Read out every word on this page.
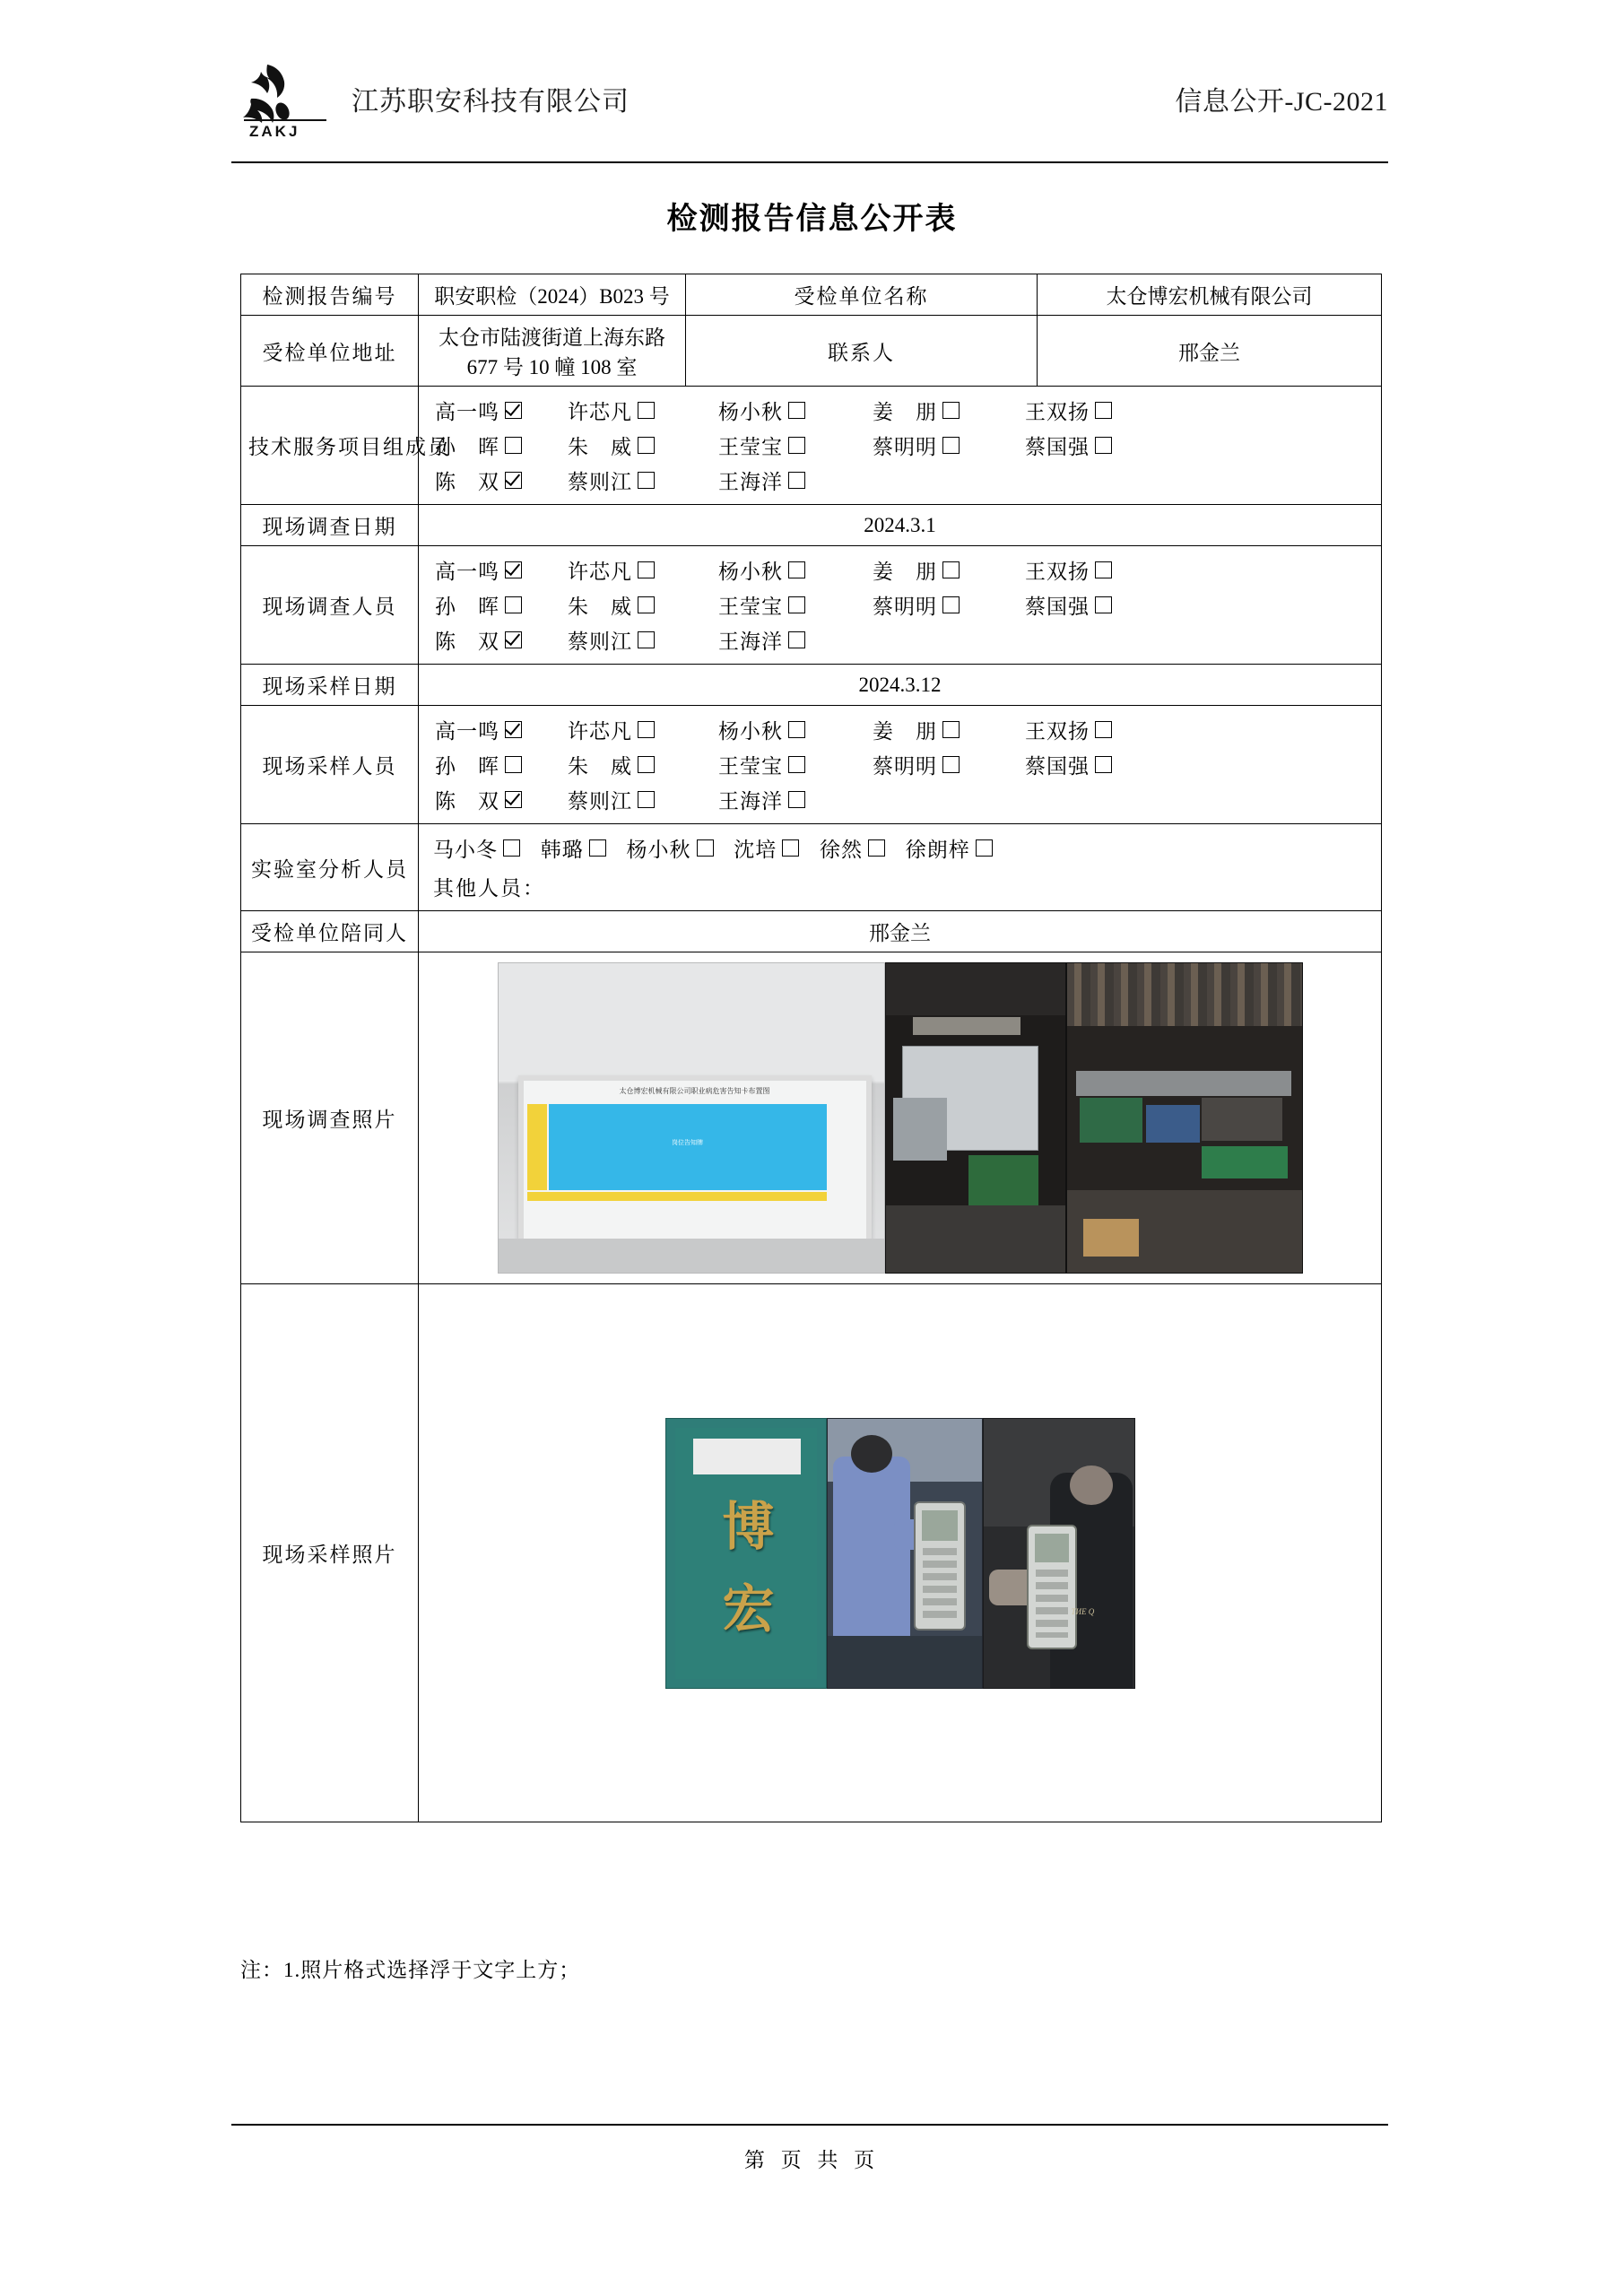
ZAKJ
江苏职安科技有限公司	信息公开-JC-2021
检测报告信息公开表
检测报告编号	职安职检（2024）B023 号	受检单位名称	太仓博宏机械有限公司
受检单位地址	太仓市陆渡街道上海东路 677 号 10 幢 108 室	联系人	邢金兰
技术服务项目组成员	
高一鸣	许芯凡	杨小秋	姜　朋	王双扬
孙　晖	朱　威	王莹宝	蔡明明	蔡国强
陈　双	蔡则江	王海洋

现场调查日期	2024.3.1		
现场调查人员	
高一鸣	许芯凡	杨小秋	姜　朋	王双扬
孙　晖	朱　威	王莹宝	蔡明明	蔡国强
陈　双	蔡则江	王海洋

现场采样日期	2024.3.12		
现场采样人员	
高一鸣	许芯凡	杨小秋	姜　朋	王双扬
孙　晖	朱　威	王莹宝	蔡明明	蔡国强
陈　双	蔡则江	王海洋

实验室分析人员	
马小冬
韩璐
杨小秋
沈培
徐然
徐朗梓
其他人员：

受检单位陪同人	邢金兰		
现场调查照片	太仓博宏机械有限公司职业病危害告知卡布置图
岗位告知牌		

现场采样照片	博
宏 TИЕ Q		
注：1.照片格式选择浮于文字上方；
第 页 共 页
